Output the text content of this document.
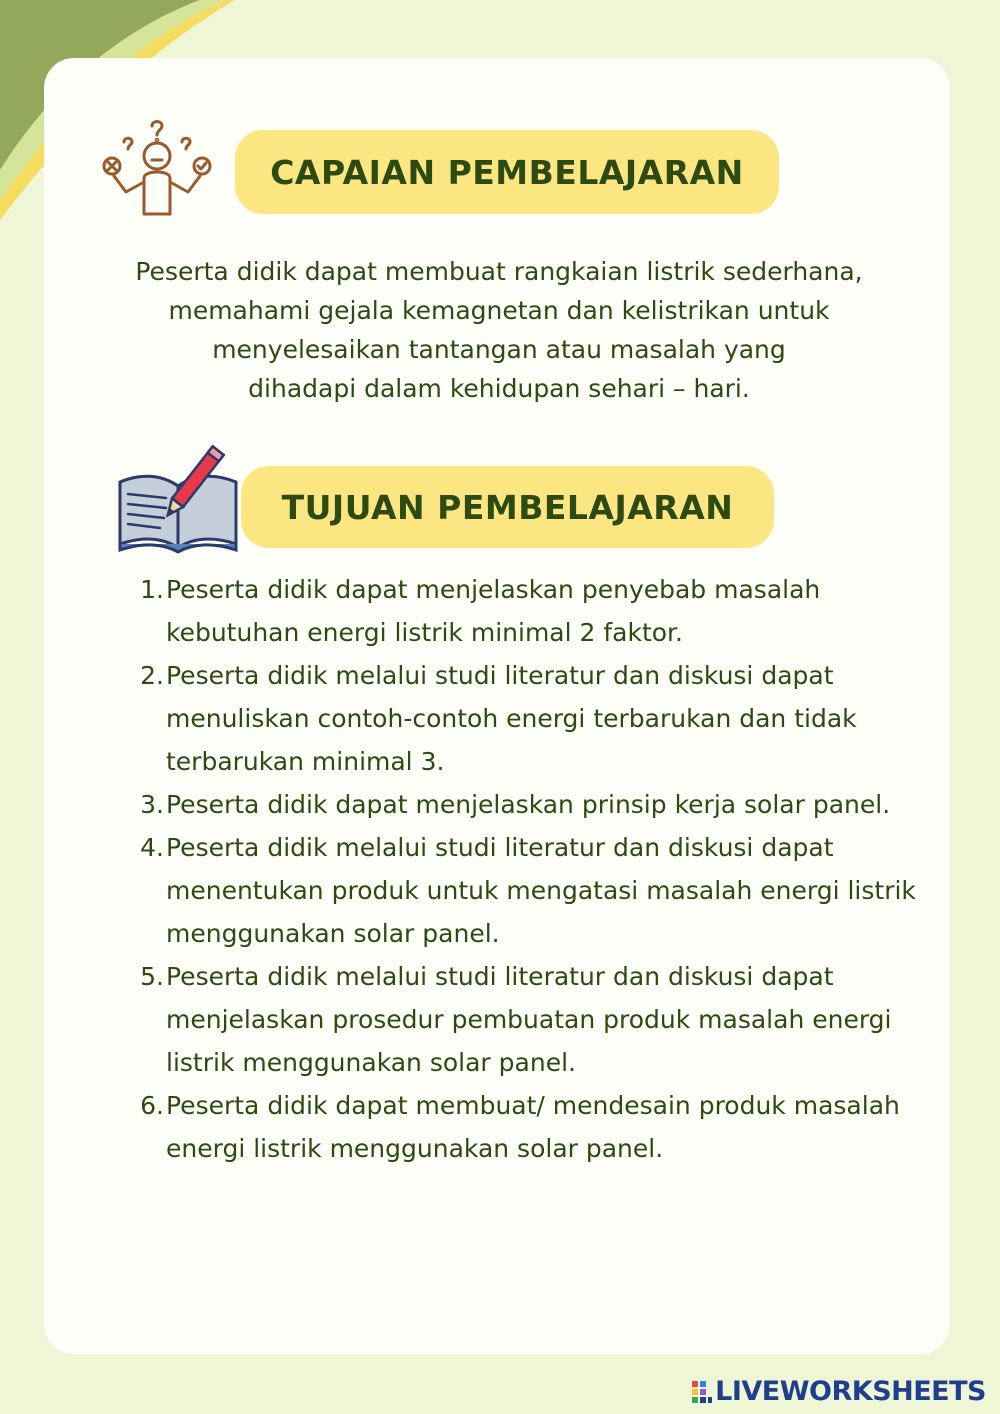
CAPAIAN PEMBELAJARAN
Peserta didik dapat membuat rangkaian listrik sederhana,
memahami gejala kemagnetan dan kelistrikan untuk
menyelesaikan tantangan atau masalah yang
dihadapi dalam kehidupan sehari – hari.
TUJUAN PEMBELAJARAN
1. Peserta didik dapat menjelaskan penyebab masalah kebutuhan energi listrik minimal 2 faktor.
2. Peserta didik melalui studi literatur dan diskusi dapat menuliskan contoh-contoh energi terbarukan dan tidak terbarukan minimal 3.
3. Peserta didik dapat menjelaskan prinsip kerja solar panel.
4. Peserta didik melalui studi literatur dan diskusi dapat menentukan produk untuk mengatasi masalah energi listrik menggunakan solar panel.
5. Peserta didik melalui studi literatur dan diskusi dapat menjelaskan prosedur pembuatan produk masalah energi listrik menggunakan solar panel.
6. Peserta didik dapat membuat/ mendesain produk masalah energi listrik menggunakan solar panel.
LIVEWORKSHEETS
